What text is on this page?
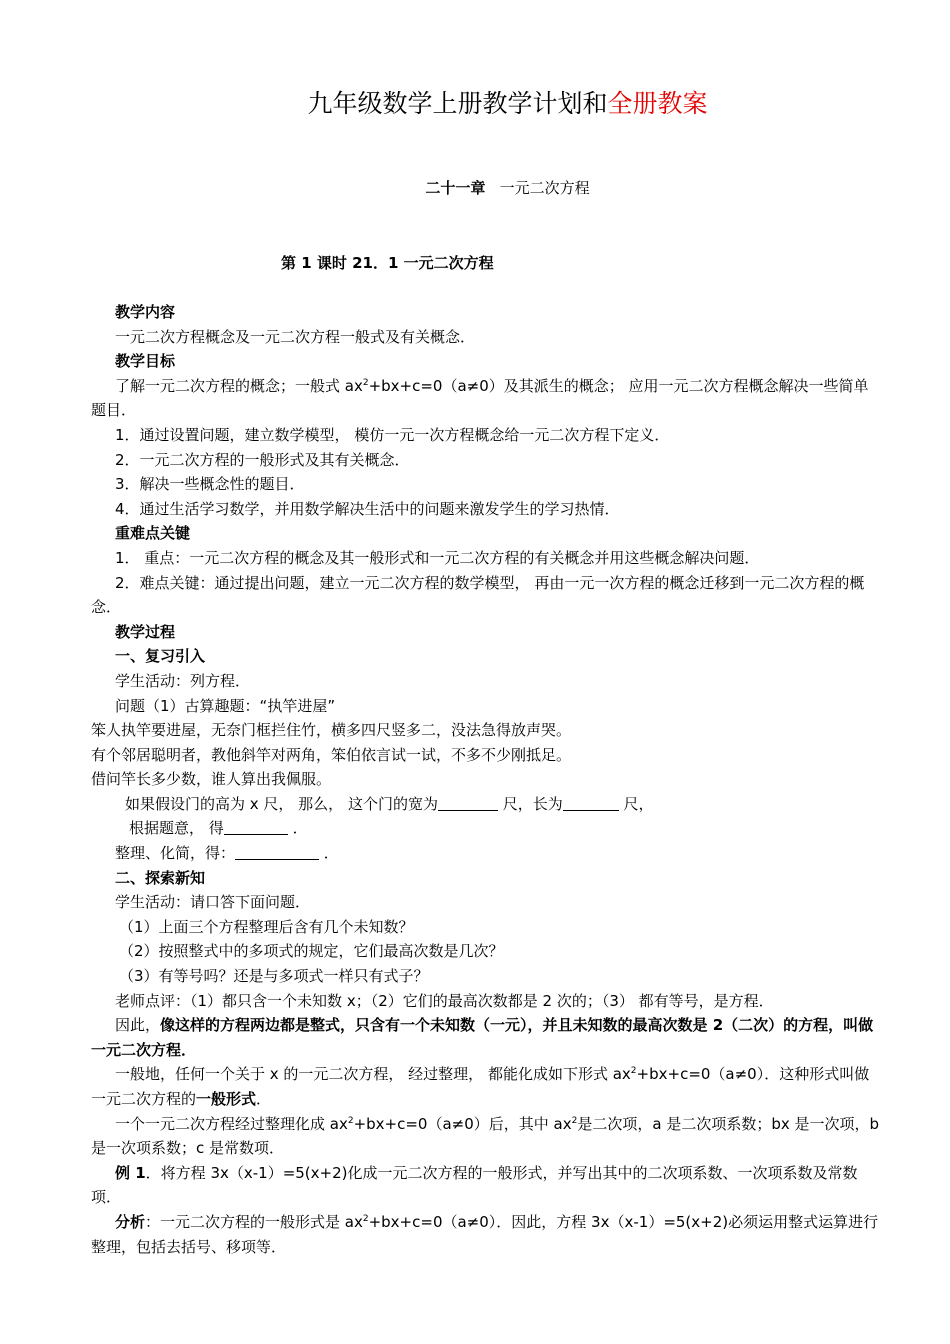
九年级数学上册教学计划和全册教案
二十一章 一元二次方程
第 1 课时 21．1 一元二次方程

教学内容

一元二次方程概念及一元二次方程一般式及有关概念．

教学目标

了解一元二次方程的概念；一般式 $ax^2+bx+c=0(a\ne 0)$及其派生的概念； 应用一元二次方程概念解决一些简单题目．

1．通过设置问题，建立数学模型， 模仿一元一次方程概念给一元二次方程下定义．

2．一元二次方程的一般形式及其有关概念．

3．解决一些概念性的题目．

4．通过生活学习数学，并用数学解决生活中的问题来激发学生的学习热情．

重难点关键

1． 重点：一元二次方程的概念及其一般形式和一元二次方程的有关概念并用这些概念解决问题．

2．难点关键：通过提出问题，建立一元二次方程的数学模型， 再由一元一次方程的概念迁移到一元二次方程的概念．

教学过程

一、复习引入

学生活动：列方程．

问题（1）古算趣题：“执竿进屋”

笨人执竿要进屋，无奈门框拦住竹，横多四尺竖多二，没法急得放声哭。

有个邻居聪明者，教他斜竿对两角，笨伯依言试一试，不多不少刚抵足。

借问竿长多少数，谁人算出我佩服。

如果假设门的高为 x 尺， 那么， 这个门的宽为	尺，长为	尺，

根据题意， 得	．

整理、化简，得：	．

二、探索新知

学生活动：请口答下面问题．

（1）上面三个方程整理后含有几个未知数？

（2）按照整式中的多项式的规定，它们最高次数是几次？

（3）有等号吗？还是与多项式一样只有式子？

老师点评：（1）都只含一个未知数 x；（2）它们的最高次数都是 2 次的；（3） 都有等号，是方程．

因此，像这样的方程两边都是整式，只含有一个未知数（一元），并且未知数的最高次数是 2（二次）的方程，叫做一元二次方程．

一般地，任何一个关于 x 的一元二次方程， 经过整理， 都能化成如下形式 $ax^2+bx+c=0(a\ne 0)$．这种形式叫做一元二次方程的一般形式．

一个一元二次方程经过整理化成 $ax^2+bx+c=0(a\ne 0)$后，其中 $ax^2$是二次项，a 是二次项系数；bx 是一次项，b 是一次项系数；c 是常数项．

例 1．将方程 3x（x-1）=5(x+2)化成一元二次方程的一般形式，并写出其中的二次项系数、一次项系数及常数项．

分析：一元二次方程的一般形式是 $ax^2+bx+c=0(a\ne 0)$．因此，方程 3x（x-1）=5(x+2)必须运用整式运算进行整理，包括去括号、移项等．
